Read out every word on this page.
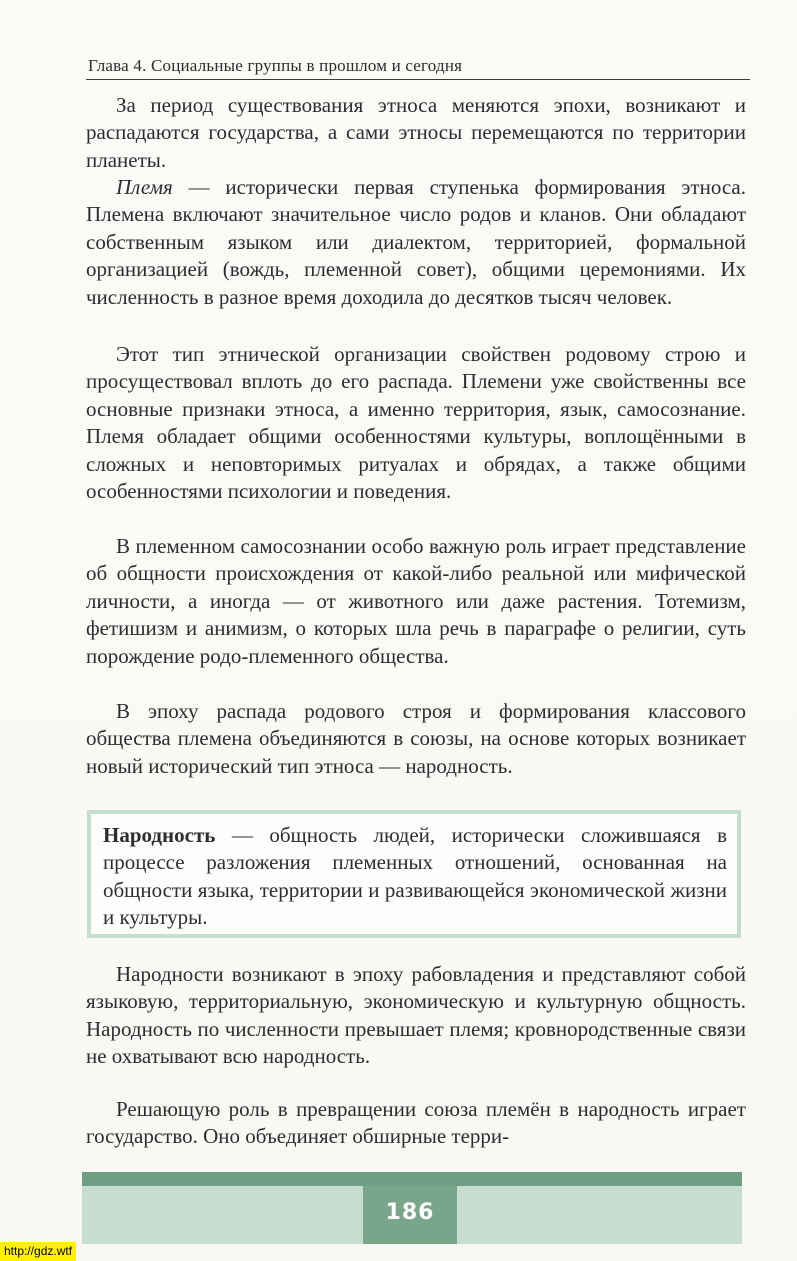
Глава 4. Социальные группы в прошлом и сегодня

За период существования этноса меняются эпохи, возникают и распадаются государства, а сами этносы перемещаются по территории планеты.

Племя — исторически первая ступенька формирования этноса. Племена включают значительное число родов и кланов. Они обладают собственным языком или диалектом, территорией, формальной организацией (вождь, племенной совет), общими церемониями. Их численность в разное время доходила до десятков тысяч человек.

Этот тип этнической организации свойствен родовому строю и просуществовал вплоть до его распада. Племени уже свойственны все основные признаки этноса, а именно территория, язык, самосознание. Племя обладает общими особенностями культуры, воплощёнными в сложных и неповторимых ритуалах и обрядах, а также общими особенностями психологии и поведения.

В племенном самосознании особо важную роль играет представление об общности происхождения от какой-либо реальной или мифической личности, а иногда — от животного или даже растения. Тотемизм, фетишизм и анимизм, о которых шла речь в параграфе о религии, суть порождение родо-племенного общества.

В эпоху распада родового строя и формирования классового общества племена объединяются в союзы, на основе которых возникает новый исторический тип этноса — народность.

Народность — общность людей, исторически сложившаяся в процессе разложения племенных отношений, основанная на общности языка, территории и развивающейся экономической жизни и культуры.

Народности возникают в эпоху рабовладения и представляют собой языковую, территориальную, экономическую и культурную общность. Народность по численности превышает племя; кровнородственные связи не охватывают всю народность.

Решающую роль в превращении союза племён в народность играет государство. Оно объединяет обширные терри-

186
http://gdz.wtf
